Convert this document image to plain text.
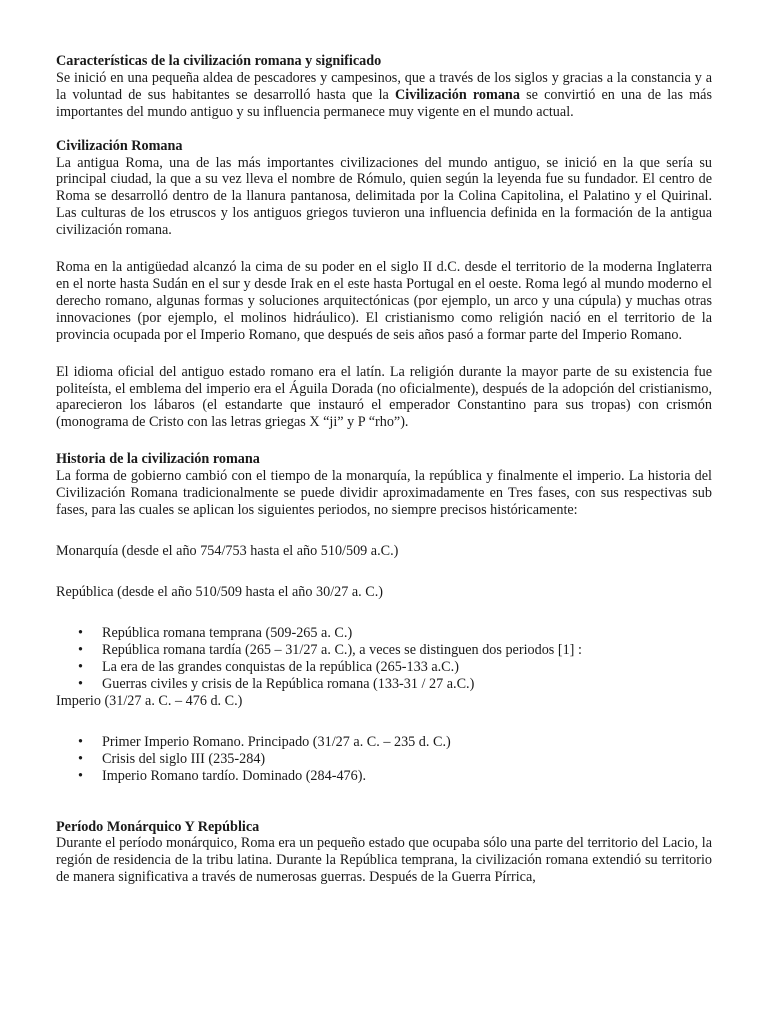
Características de la civilización romana y significado

Se inició en una pequeña aldea de pescadores y campesinos, que a través de los siglos y gracias a la constancia y a la voluntad de sus habitantes se desarrolló hasta que la Civilización romana se convirtió en una de las más importantes del mundo antiguo y su influencia permanece muy vigente en el mundo actual.

Civilización Romana

La antigua Roma, una de las más importantes civilizaciones del mundo antiguo, se inició en la que sería su principal ciudad, la que a su vez lleva el nombre de Rómulo, quien según la leyenda fue su fundador. El centro de Roma se desarrolló dentro de la llanura pantanosa, delimitada por la Colina Capitolina, el Palatino y el Quirinal. Las culturas de los etruscos y los antiguos griegos tuvieron una influencia definida en la formación de la antigua civilización romana.

Roma en la antigüedad alcanzó la cima de su poder en el siglo II d.C. desde el territorio de la moderna Inglaterra en el norte hasta Sudán en el sur y desde Irak en el este hasta Portugal en el oeste. Roma legó al mundo moderno el derecho romano, algunas formas y soluciones arquitectónicas (por ejemplo, un arco y una cúpula) y muchas otras innovaciones (por ejemplo, el molinos hidráulico). El cristianismo como religión nació en el territorio de la provincia ocupada por el Imperio Romano, que después de seis años pasó a formar parte del Imperio Romano.

El idioma oficial del antiguo estado romano era el latín. La religión durante la mayor parte de su existencia fue politeísta, el emblema del imperio era el Águila Dorada (no oficialmente), después de la adopción del cristianismo, aparecieron los lábaros (el estandarte que instauró el emperador Constantino para sus tropas) con crismón (monograma de Cristo con las letras griegas X “ji” y P “rho”).

Historia de la civilización romana

La forma de gobierno cambió con el tiempo de la monarquía, la república y finalmente el imperio. La historia del Civilización Romana tradicionalmente se puede dividir aproximadamente en Tres fases, con sus respectivas sub fases, para las cuales se aplican los siguientes periodos, no siempre precisos históricamente:

Monarquía (desde el año 754/753 hasta el año 510/509 a.C.)

República (desde el año 510/509 hasta el año 30/27 a. C.)

• República romana temprana (509-265 a. C.)
• República romana tardía (265 – 31/27 a. C.), a veces se distinguen dos periodos [1] :
• La era de las grandes conquistas de la república (265-133 a.C.)
• Guerras civiles y crisis de la República romana (133-31 / 27 a.C.)

Imperio (31/27 a. C. – 476 d. C.)

• Primer Imperio Romano. Principado (31/27 a. C. – 235 d. C.)
• Crisis del siglo III (235-284)
• Imperio Romano tardío. Dominado (284-476).

Período Monárquico Y República

Durante el período monárquico, Roma era un pequeño estado que ocupaba sólo una parte del territorio del Lacio, la región de residencia de la tribu latina. Durante la República temprana, la civilización romana extendió su territorio de manera significativa a través de numerosas guerras. Después de la Guerra Pírrica,
